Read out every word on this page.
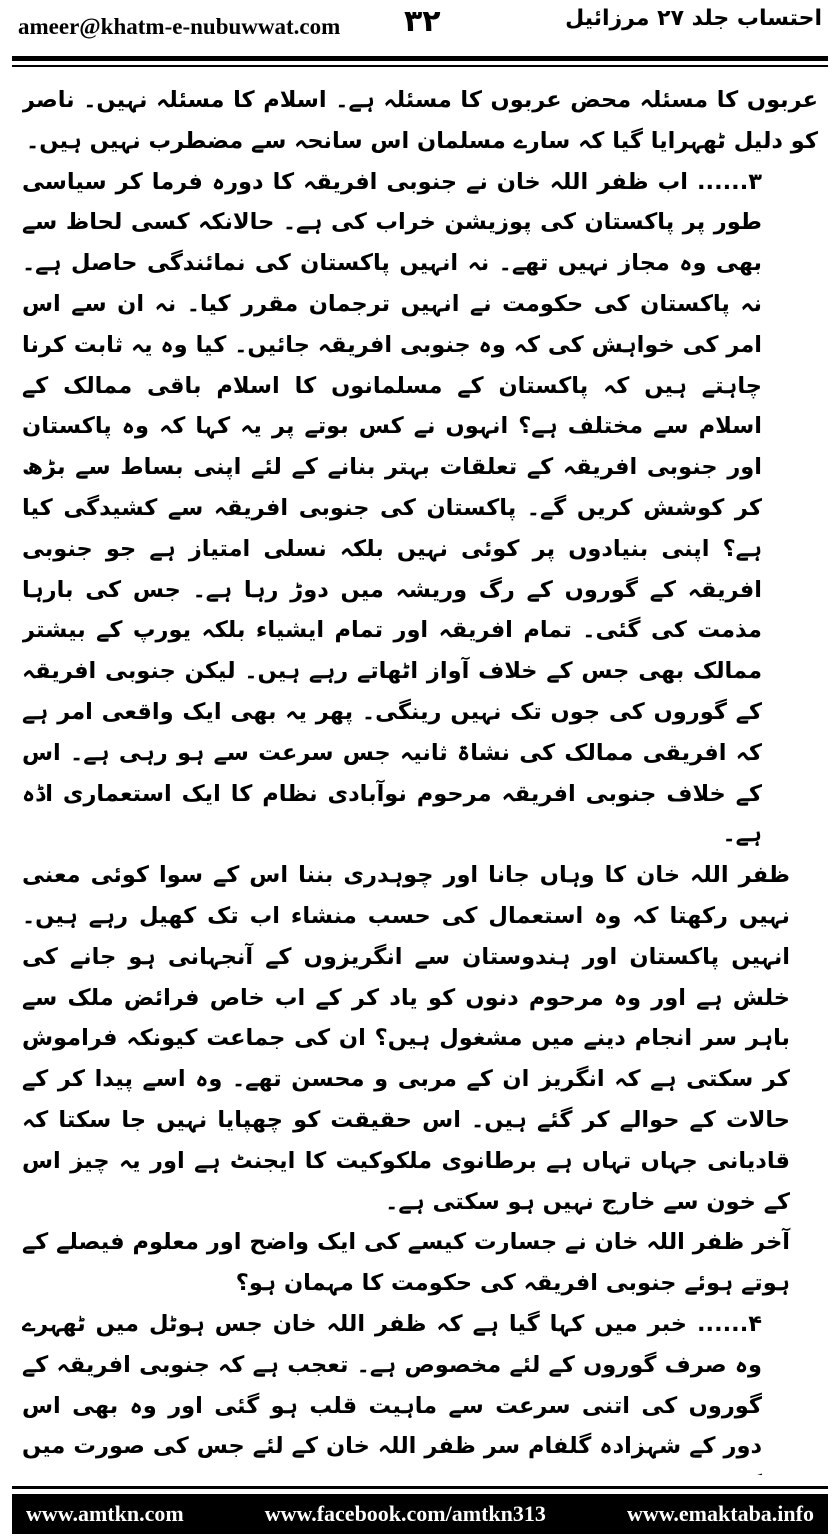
ameer@khatm-e-nubuwwat.com ۳۲	احتساب جلد ۲۷ مرزائیل

عربوں کا مسئلہ محض عربوں کا مسئلہ ہے۔ اسلام کا مسئلہ نہیں۔ ناصر کو دلیل ٹھہرایا گیا کہ سارے مسلمان اس سانحہ سے مضطرب نہیں ہیں۔

۳...... اب ظفر اللہ خان نے جنوبی افریقہ کا دورہ فرما کر سیاسی طور پر پاکستان کی پوزیشن خراب کی ہے۔ حالانکہ کسی لحاظ سے بھی وہ مجاز نہیں تھے۔ نہ انہیں پاکستان کی نمائندگی حاصل ہے۔ نہ پاکستان کی حکومت نے انہیں ترجمان مقرر کیا۔ نہ ان سے اس امر کی خواہش کی کہ وہ جنوبی افریقہ جائیں۔ کیا وہ یہ ثابت کرنا چاہتے ہیں کہ پاکستان کے مسلمانوں کا اسلام باقی ممالک کے اسلام سے مختلف ہے؟ انہوں نے کس بوتے پر یہ کہا کہ وہ پاکستان اور جنوبی افریقہ کے تعلقات بہتر بنانے کے لئے اپنی بساط سے بڑھ کر کوشش کریں گے۔ پاکستان کی جنوبی افریقہ سے کشیدگی کیا ہے؟ اپنی بنیادوں پر کوئی نہیں بلکہ نسلی امتیاز ہے جو جنوبی افریقہ کے گوروں کے رگ وریشہ میں دوڑ رہا ہے۔ جس کی بارہا مذمت کی گئی۔ تمام افریقہ اور تمام ایشیاء بلکہ یورپ کے بیشتر ممالک بھی جس کے خلاف آواز اٹھاتے رہے ہیں۔ لیکن جنوبی افریقہ کے گوروں کی جوں تک نہیں رینگی۔ پھر یہ بھی ایک واقعی امر ہے کہ افریقی ممالک کی نشاۃ ثانیہ جس سرعت سے ہو رہی ہے۔ اس کے خلاف جنوبی افریقہ مرحوم نوآبادی نظام کا ایک استعماری اڈہ ہے۔

ظفر اللہ خان کا وہاں جانا اور چوہدری بننا اس کے سوا کوئی معنی نہیں رکھتا کہ وہ استعمال کی حسب منشاء اب تک کھیل رہے ہیں۔ انہیں پاکستان اور ہندوستان سے انگریزوں کے آنجہانی ہو جانے کی خلش ہے اور وہ مرحوم دنوں کو یاد کر کے اب خاص فرائض ملک سے باہر سر انجام دینے میں مشغول ہیں؟ ان کی جماعت کیونکہ فراموش کر سکتی ہے کہ انگریز ان کے مربی و محسن تھے۔ وہ اسے پیدا کر کے حالات کے حوالے کر گئے ہیں۔ اس حقیقت کو چھپایا نہیں جا سکتا کہ قادیانی جہاں تہاں ہے برطانوی ملکوکیت کا ایجنٹ ہے اور یہ چیز اس کے خون سے خارج نہیں ہو سکتی ہے۔

آخر ظفر اللہ خان نے جسارت کیسے کی ایک واضح اور معلوم فیصلے کے ہوتے ہوئے جنوبی افریقہ کی حکومت کا مہمان ہو؟

۴...... خبر میں کہا گیا ہے کہ ظفر اللہ خان جس ہوٹل میں ٹھہرے وہ صرف گوروں کے لئے مخصوص ہے۔ تعجب ہے کہ جنوبی افریقہ کے گوروں کی اتنی سرعت سے ماہیت قلب ہو گئی اور وہ بھی اس دور کے شہزادہ گلفام سر ظفر اللہ خان کے لئے جس کی صورت میں

www.amtkn.com	www.facebook.com/amtkn313	www.emaktaba.info
